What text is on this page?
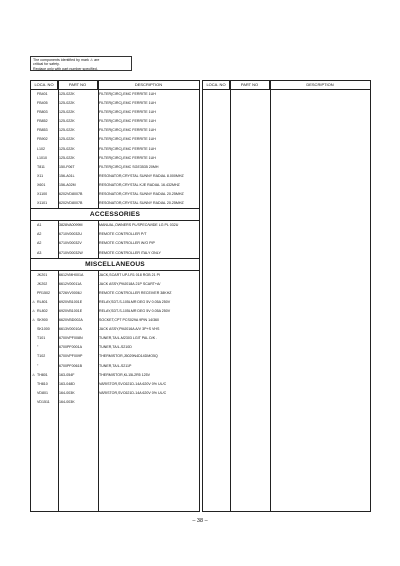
The components identified by mark ⚠ are
critical for safety.
Replace only with part number specified.
LOCA. NO	PART NO	DESCRIPTION
FB401	125-022K	FILTER(CIRC),EMC FERRITE 1UH
FB405	125-022K	FILTER(CIRC),EMC FERRITE 1UH
FB803	125-022K	FILTER(CIRC),EMC FERRITE 1UH
FB852	125-022K	FILTER(CIRC),EMC FERRITE 1UH
FB853	125-022K	FILTER(CIRC),EMC FERRITE 1UH
FB902	125-022K	FILTER(CIRC),EMC FERRITE 1UH
L102	125-022K	FILTER(CIRC),EMC FERRITE 1UH
L1010	125-022K	FILTER(CIRC),EMC FERRITE 1UH
T811	150-F06T	FILTER(CIRC),EMC SGE3535 20MH
X11	156-A01L	RESONATOR,CRYSTAL SUNNY RADIAL 8.000MHZ
X601	156-A02M	RESONATOR,CRYSTAL KJE RADIAL 16.432MHZ
X1100	6202VD8007B	RESONATOR,CRYSTAL SUNNY RADIAL 20.25MHZ
X1101	6202VD8007B	RESONATOR,CRYSTAL SUNNY RADIAL 20.25MHZ
ACCESSORIES
A1	3828VA0099M	MANUAL,OWNERS PL/SPEC/WIDE LG PL 032U
A2	6710V00032U	REMOTE CONTROLLER P/T
A2	6710V00032V	REMOTE CONTROLLER W/O PIP
A3	6710V00032W	REMOTE CONTROLLER ITALY ONLY
MISCELLANEOUS
JK201	6612VMH001A	JACK,SCART UPJ-R1 018 RGB 21 PI
JK202	6612V00011A	JACK ASSY,PMJ018A 21P SCART+A/
PR1502	6726VV0006J	REMOTE CONTROLLER RECEIVER 38KHZ
⚠ RL801	6920VB1001E	RELAY,SDT-S-105LMR DEG 5V 0.05A 250V
⚠ RL802	6920VB1001E	RELAY,SDT-S-105LMR DEG 5V 0.05A 250V
⚠ SK900	6620VBD002A	SOCKET,CPT PCS029A 9PIN 14/360
SK1000	6613V00010A	JACK ASSY,PMJ016A A/V 3P+S VHS
T101	6700VPF008N	TUNER,TA/L-M2303 LGIT PAL D/K .
"	6700PF0001A	TUNER,TA/L-S210D
T102	6700VPF009P	THERMISTOR,J5029N4D14DMO5Q
"	6700PF0061B	TUNER,TA/L-S211P
⚠ TH801	163-054F	THERMISTOR,KL15L2R5 125V
TH810	163-048D	VARISTOR,SVC621D-14A 620V 0% UL/C
VD801	164-003K	VARISTOR,SVC621D-14A 620V 0% UL/C
VD1511	164-003K
LOCA. NO	PART NO	DESCRIPTION
– 38 –
